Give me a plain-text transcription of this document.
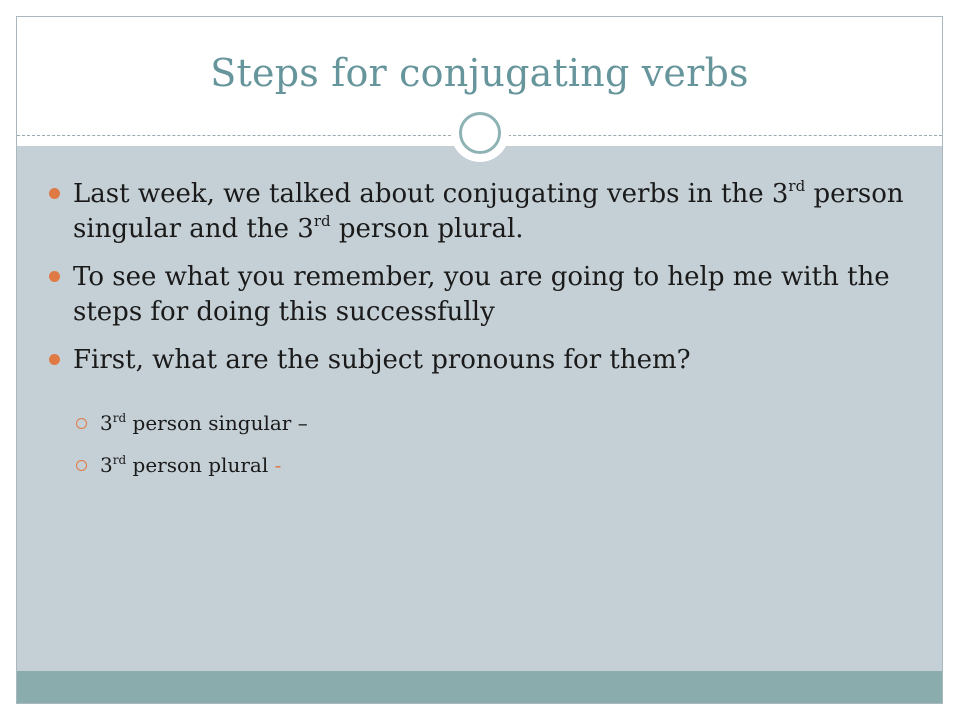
Steps for conjugating verbs
Last week, we talked about conjugating verbs in the 3rd person singular and the 3rd person plural.
To see what you remember, you are going to help me with the steps for doing this successfully
First, what are the subject pronouns for them?
3rd person singular –
3rd person plural -
